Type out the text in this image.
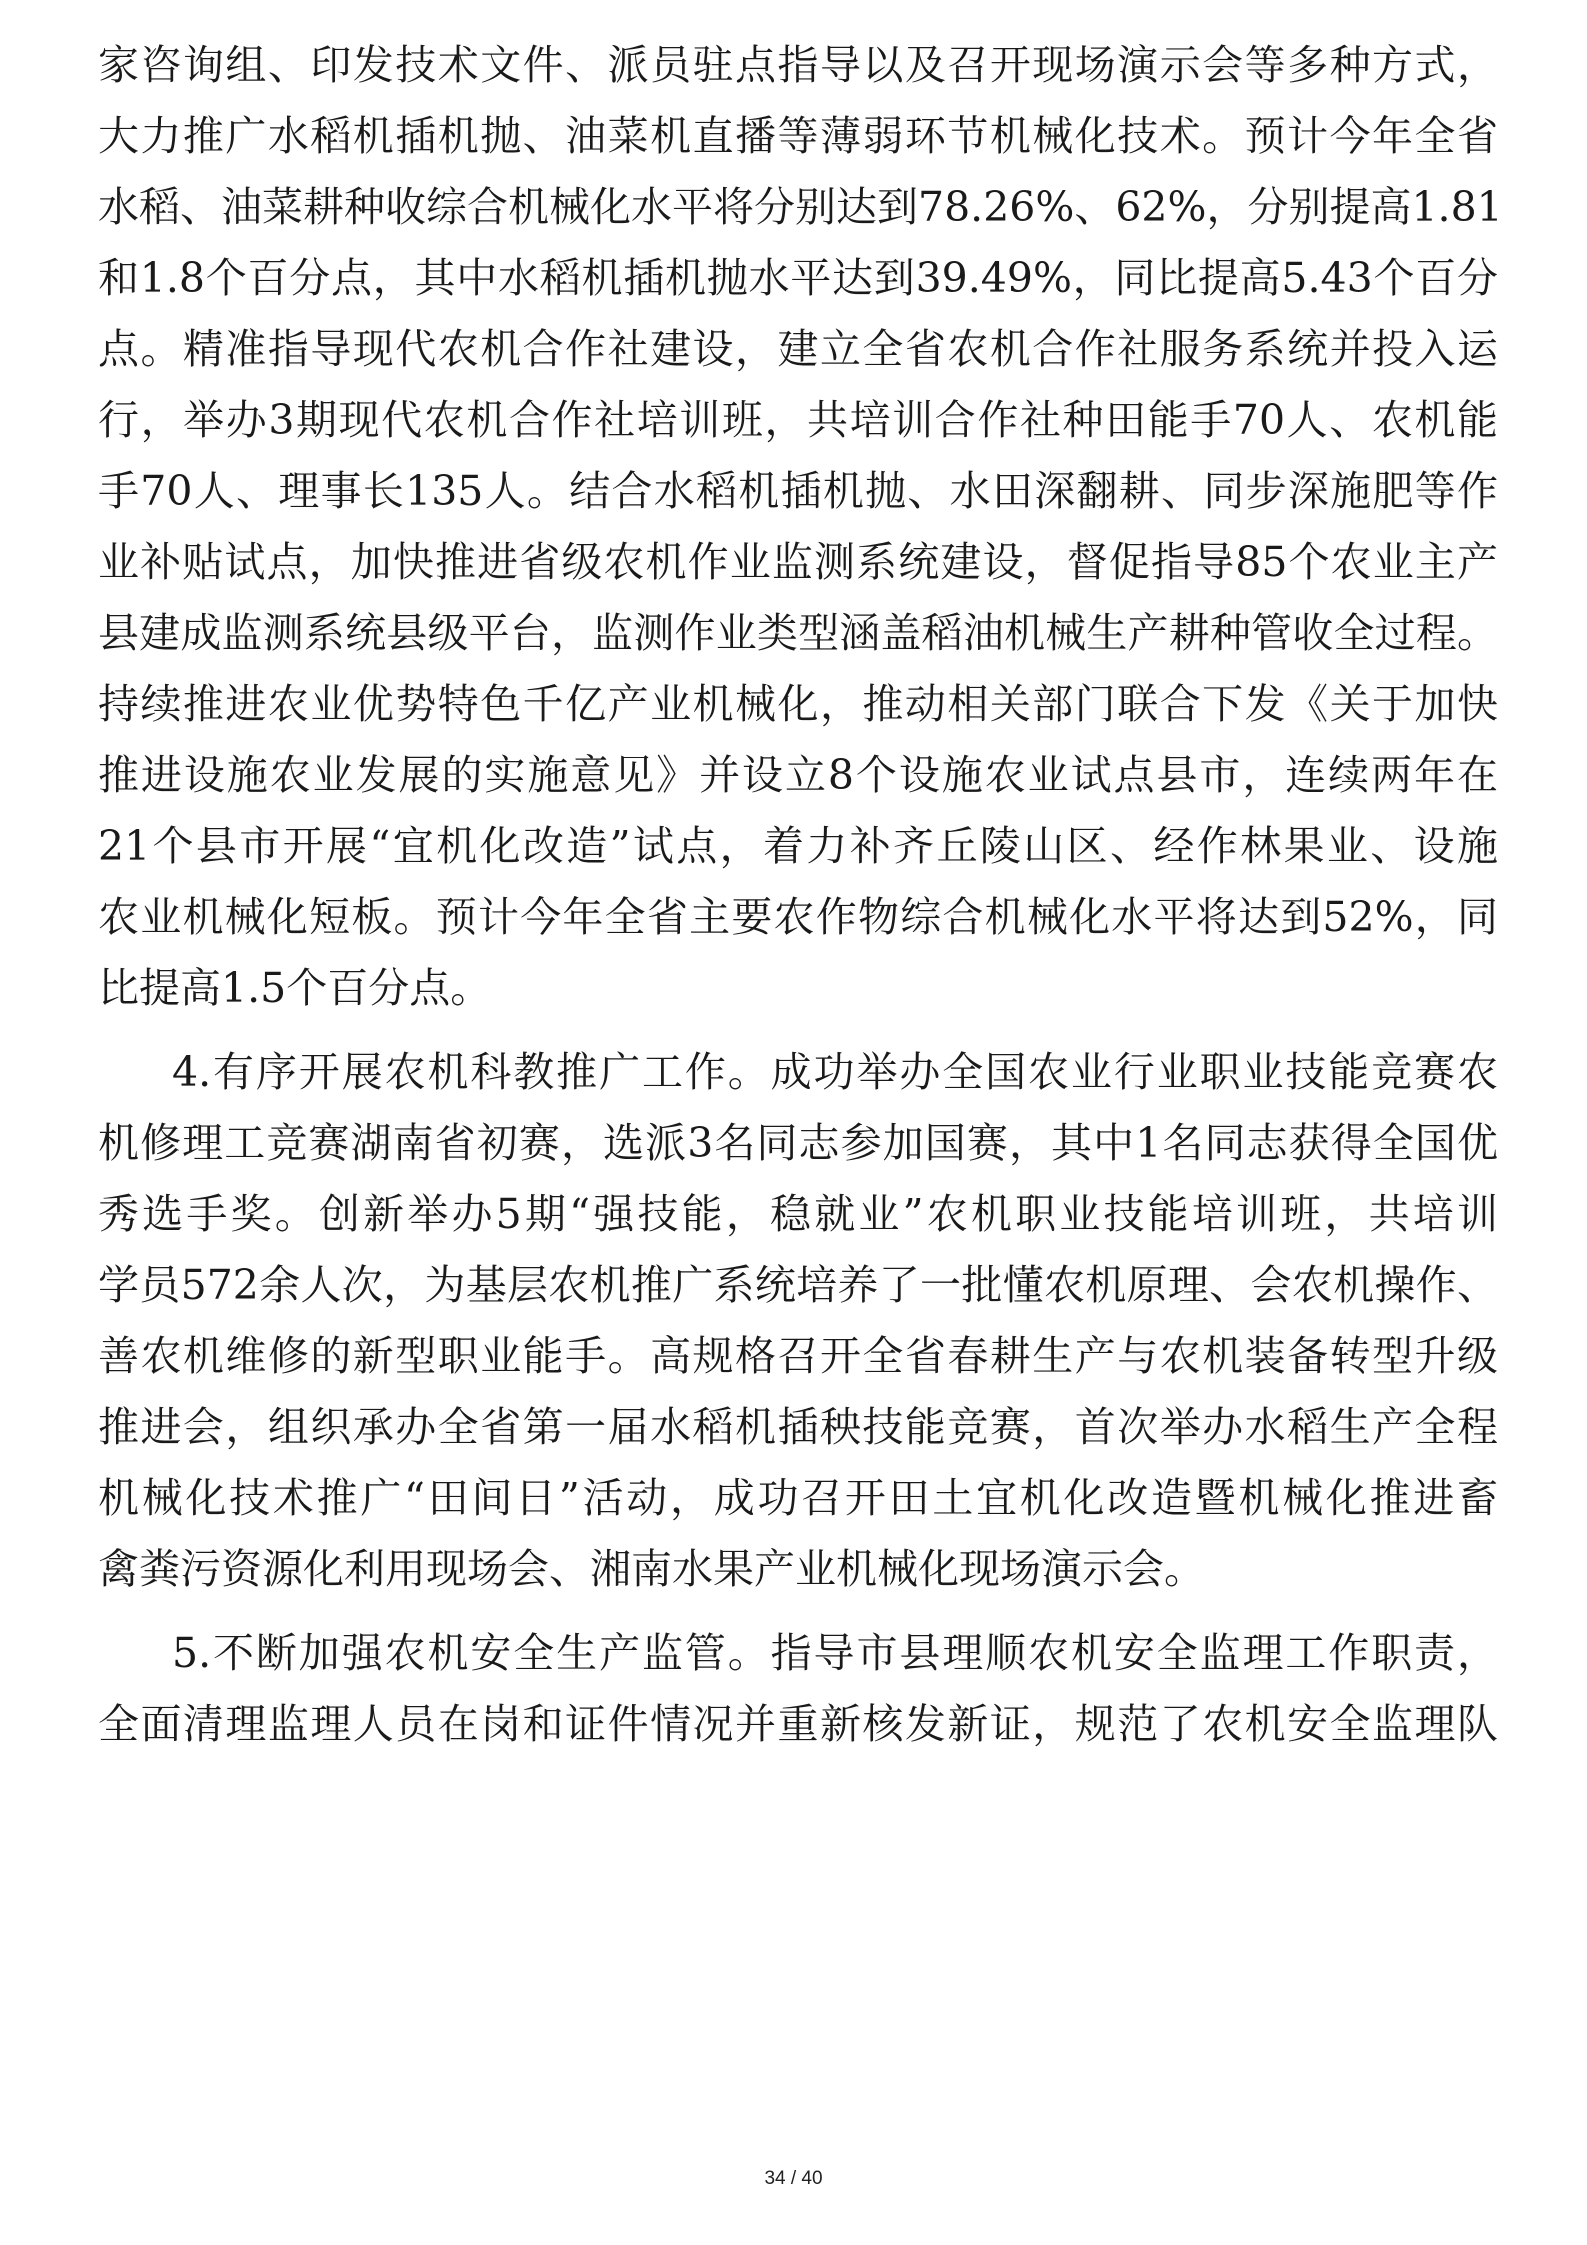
家咨询组、印发技术文件、派员驻点指导以及召开现场演示会等多种方式，
大力推广水稻机插机抛、油菜机直播等薄弱环节机械化技术。预计今年全省
水稻、油菜耕种收综合机械化水平将分别达到78.26%、62%，分别提高1.81
和1.8个百分点，其中水稻机插机抛水平达到39.49%，同比提高5.43个百分
点。精准指导现代农机合作社建设，建立全省农机合作社服务系统并投入运
行，举办3期现代农机合作社培训班，共培训合作社种田能手70人、农机能
手70人、理事长135人。结合水稻机插机抛、水田深翻耕、同步深施肥等作
业补贴试点，加快推进省级农机作业监测系统建设，督促指导85个农业主产
县建成监测系统县级平台，监测作业类型涵盖稻油机械生产耕种管收全过程。
持续推进农业优势特色千亿产业机械化，推动相关部门联合下发《关于加快
推进设施农业发展的实施意见》并设立8个设施农业试点县市，连续两年在
21个县市开展“宜机化改造”试点，着力补齐丘陵山区、经作林果业、设施
农业机械化短板。预计今年全省主要农作物综合机械化水平将达到52%，同
比提高1.5个百分点。
4.有序开展农机科教推广工作。成功举办全国农业行业职业技能竞赛农
机修理工竞赛湖南省初赛，选派3名同志参加国赛，其中1名同志获得全国优
秀选手奖。创新举办5期“强技能，稳就业”农机职业技能培训班，共培训
学员572余人次，为基层农机推广系统培养了一批懂农机原理、会农机操作、
善农机维修的新型职业能手。高规格召开全省春耕生产与农机装备转型升级
推进会，组织承办全省第一届水稻机插秧技能竞赛，首次举办水稻生产全程
机械化技术推广“田间日”活动，成功召开田土宜机化改造暨机械化推进畜
禽粪污资源化利用现场会、湘南水果产业机械化现场演示会。
5.不断加强农机安全生产监管。指导市县理顺农机安全监理工作职责，
全面清理监理人员在岗和证件情况并重新核发新证，规范了农机安全监理队
34 / 40
